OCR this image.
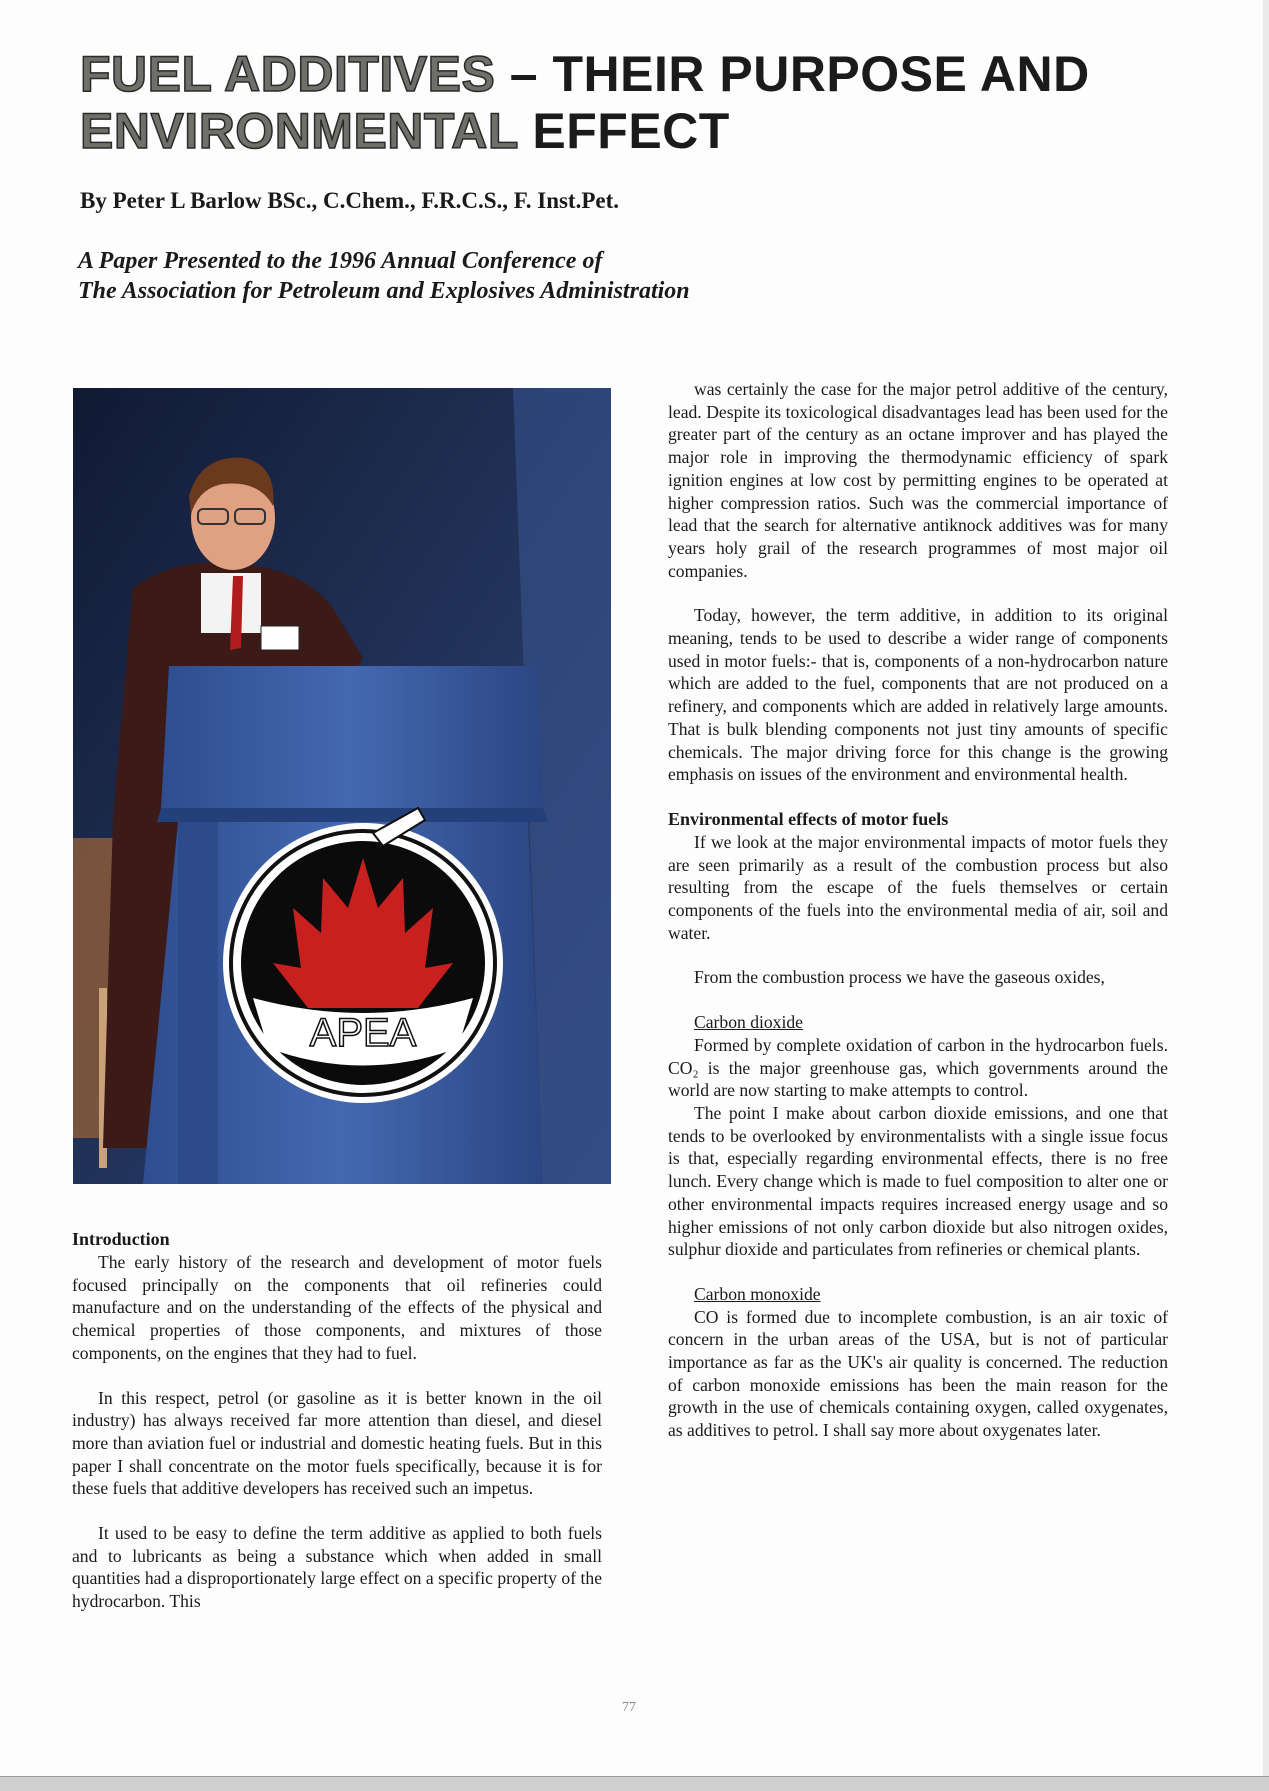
FUEL ADDITIVES – THEIR PURPOSE AND
ENVIRONMENTAL EFFECT
By Peter L Barlow BSc., C.Chem., F.R.C.S., F. Inst.Pet.
A Paper Presented to the 1996 Annual Conference of
The Association for Petroleum and Explosives Administration
APEA
Introduction

The early history of the research and development of motor fuels focused principally on the components that oil refineries could manufacture and on the understanding of the effects of the physical and chemical properties of those components, and mixtures of those components, on the engines that they had to fuel.

In this respect, petrol (or gasoline as it is better known in the oil industry) has always received far more attention than diesel, and diesel more than aviation fuel or industrial and domestic heating fuels. But in this paper I shall concentrate on the motor fuels specifically, because it is for these fuels that additive developers has received such an impetus.

It used to be easy to define the term additive as applied to both fuels and to lubricants as being a substance which when added in small quantities had a disproportionately large effect on a specific property of the hydrocarbon. This

was certainly the case for the major petrol additive of the century, lead. Despite its toxicological disadvantages lead has been used for the greater part of the century as an octane improver and has played the major role in improving the thermodynamic efficiency of spark ignition engines at low cost by permitting engines to be operated at higher compression ratios. Such was the commercial importance of lead that the search for alternative antiknock additives was for many years holy grail of the research programmes of most major oil companies.

Today, however, the term additive, in addition to its original meaning, tends to be used to describe a wider range of components used in motor fuels:- that is, components of a non-hydrocarbon nature which are added to the fuel, components that are not produced on a refinery, and components which are added in relatively large amounts. That is bulk blending components not just tiny amounts of specific chemicals. The major driving force for this change is the growing emphasis on issues of the environment and environmental health.

Environmental effects of motor fuels

If we look at the major environmental impacts of motor fuels they are seen primarily as a result of the combustion process but also resulting from the escape of the fuels themselves or certain components of the fuels into the environmental media of air, soil and water.

From the combustion process we have the gaseous oxides,

Carbon dioxide

Formed by complete oxidation of carbon in the hydrocarbon fuels. CO₂ is the major greenhouse gas, which governments around the world are now starting to make attempts to control.

The point I make about carbon dioxide emissions, and one that tends to be overlooked by environmentalists with a single issue focus is that, especially regarding environmental effects, there is no free lunch. Every change which is made to fuel composition to alter one or other environmental impacts requires increased energy usage and so higher emissions of not only carbon dioxide but also nitrogen oxides, sulphur dioxide and particulates from refineries or chemical plants.

Carbon monoxide

CO is formed due to incomplete combustion, is an air toxic of concern in the urban areas of the USA, but is not of particular importance as far as the UK's air quality is concerned. The reduction of carbon monoxide emissions has been the main reason for the growth in the use of chemicals containing oxygen, called oxygenates, as additives to petrol. I shall say more about oxygenates later.

77
